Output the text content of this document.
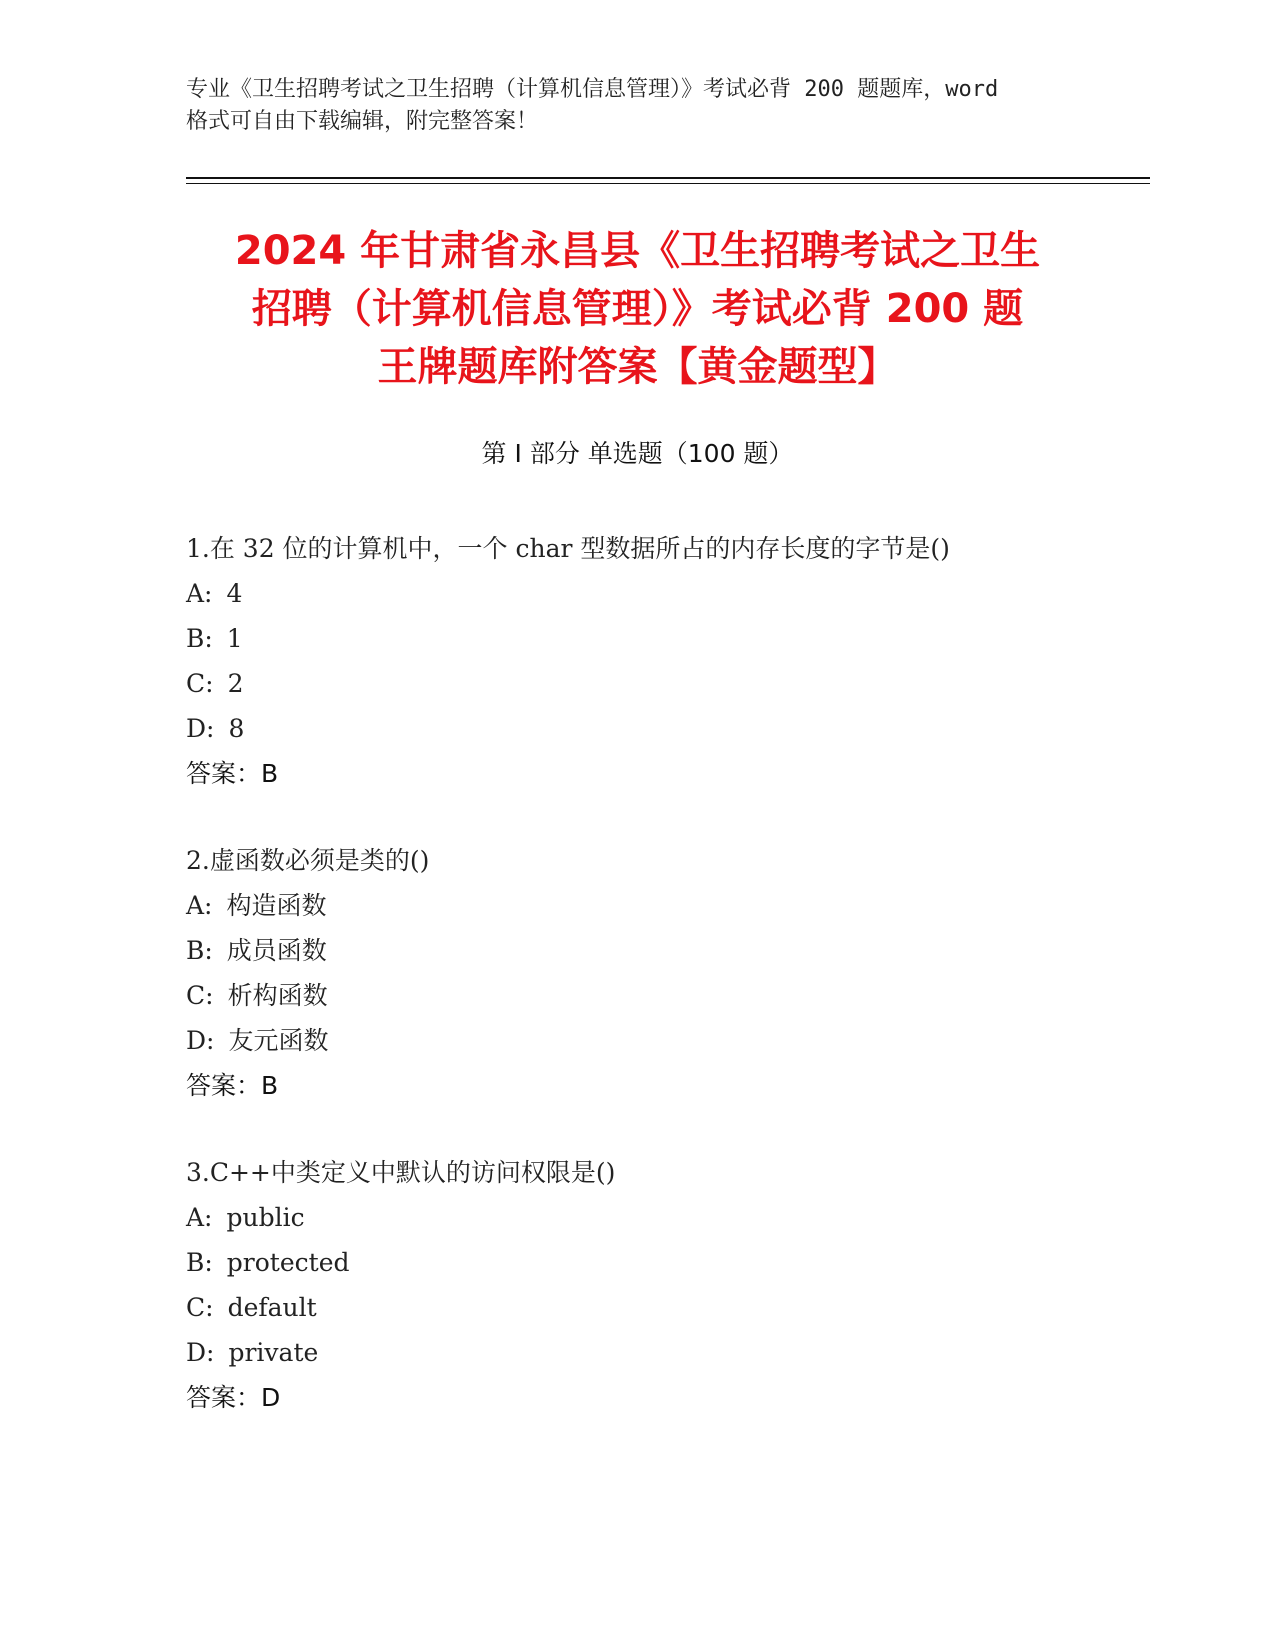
专业《卫生招聘考试之卫生招聘（计算机信息管理）》考试必背 200 题题库，word
格式可自由下载编辑，附完整答案！
2024 年甘肃省永昌县《卫生招聘考试之卫生
招聘（计算机信息管理）》考试必背 200 题
王牌题库附答案【黄金题型】
第 I 部分 单选题（100 题）
1.在 32 位的计算机中，一个 char 型数据所占的内存长度的字节是()
A: 4
B: 1
C: 2
D: 8
答案：B
2.虚函数必须是类的()
A: 构造函数
B: 成员函数
C: 析构函数
D: 友元函数
答案：B
3.C++中类定义中默认的访问权限是()
A: public
B: protected
C: default
D: private
答案：D
